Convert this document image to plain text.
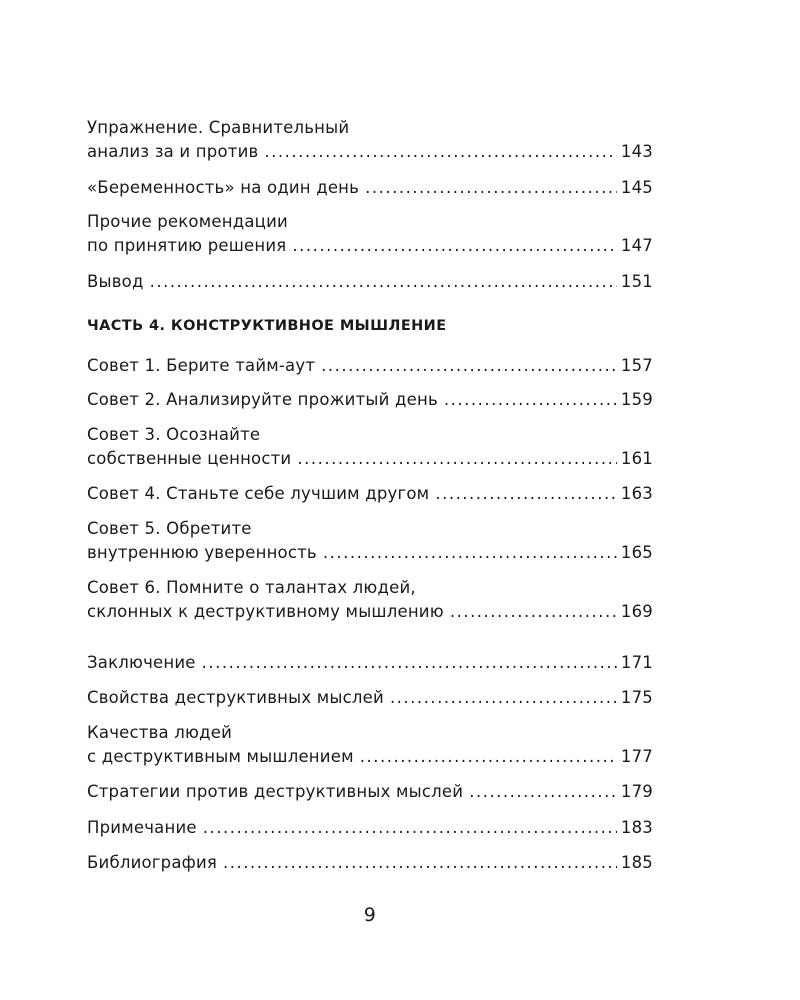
Упражнение. Сравнительный
анализ за и против .....	143
«Беременность» на один день .....	145
Прочие рекомендации
по принятию решения .....	147
Вывод .....	151
ЧАСТЬ 4. КОНСТРУКТИВНОЕ МЫШЛЕНИЕ
Совет 1. Берите тайм-аут .....	157
Совет 2. Анализируйте прожитый день .....	159
Совет 3. Осознайте
собственные ценности .....	161
Совет 4. Станьте себе лучшим другом .....	163
Совет 5. Обретите
внутреннюю уверенность .....	165
Совет 6. Помните о талантах людей,
склонных к деструктивному мышлению .....	169
Заключение .....	171
Свойства деструктивных мыслей .....	175
Качества людей
с деструктивным мышлением .....	177
Стратегии против деструктивных мыслей .....	179
Примечание .....	183
Библиография .....	185
9
